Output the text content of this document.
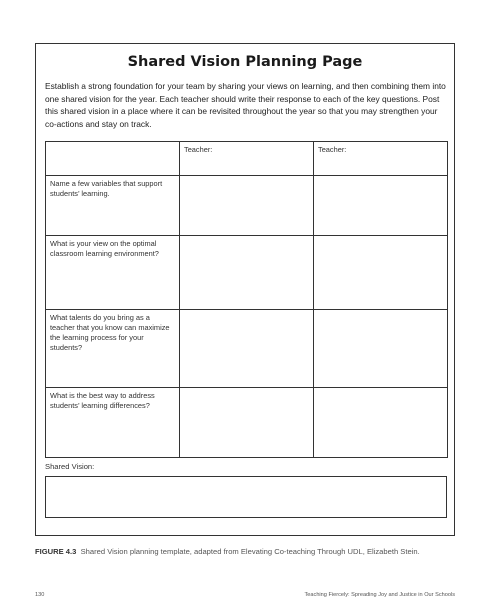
Shared Vision Planning Page
Establish a strong foundation for your team by sharing your views on learning, and then combining them into one shared vision for the year. Each teacher should write their response to each of the key questions. Post this shared vision in a place where it can be revisited throughout the year so that you may strengthen your co-actions and stay on track.
	Teacher:	Teacher:
Name a few variables that support students’ learning.		
What is your view on the optimal classroom learning environment?		
What talents do you bring as a teacher that you know can maximize the learning process for your students?		
What is the best way to address students’ learning differences?		
Shared Vision:
FIGURE 4.3 Shared Vision planning template, adapted from Elevating Co-teaching Through UDL, Elizabeth Stein.
130	Teaching Fiercely: Spreading Joy and Justice in Our Schools
